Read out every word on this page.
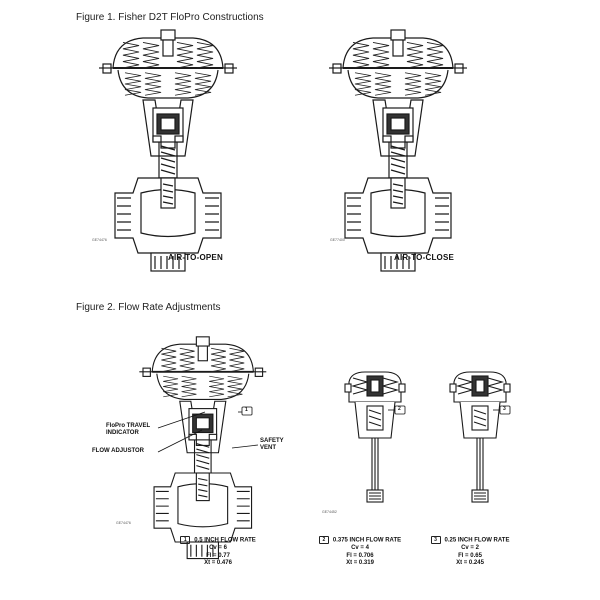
1	2	3
Figure 1. Fisher D2T FloPro Constructions
GE74476	GE77400
AIR-TO-OPEN	AIR-TO-CLOSE
Figure 2. Flow Rate Adjustments
FloPro TRAVEL INDICATOR
FLOW ADJUSTOR
SAFETY VENT
GE74476
GE74452
1 0.5 INCH FLOW RATE
Cv = 6
Fl = 0.77
Xt = 0.476
2 0.375 INCH FLOW RATE
Cv = 4
Fl = 0.706
Xt = 0.319
3 0.25 INCH FLOW RATE
Cv = 2
Fl = 0.65
Xt = 0.245
